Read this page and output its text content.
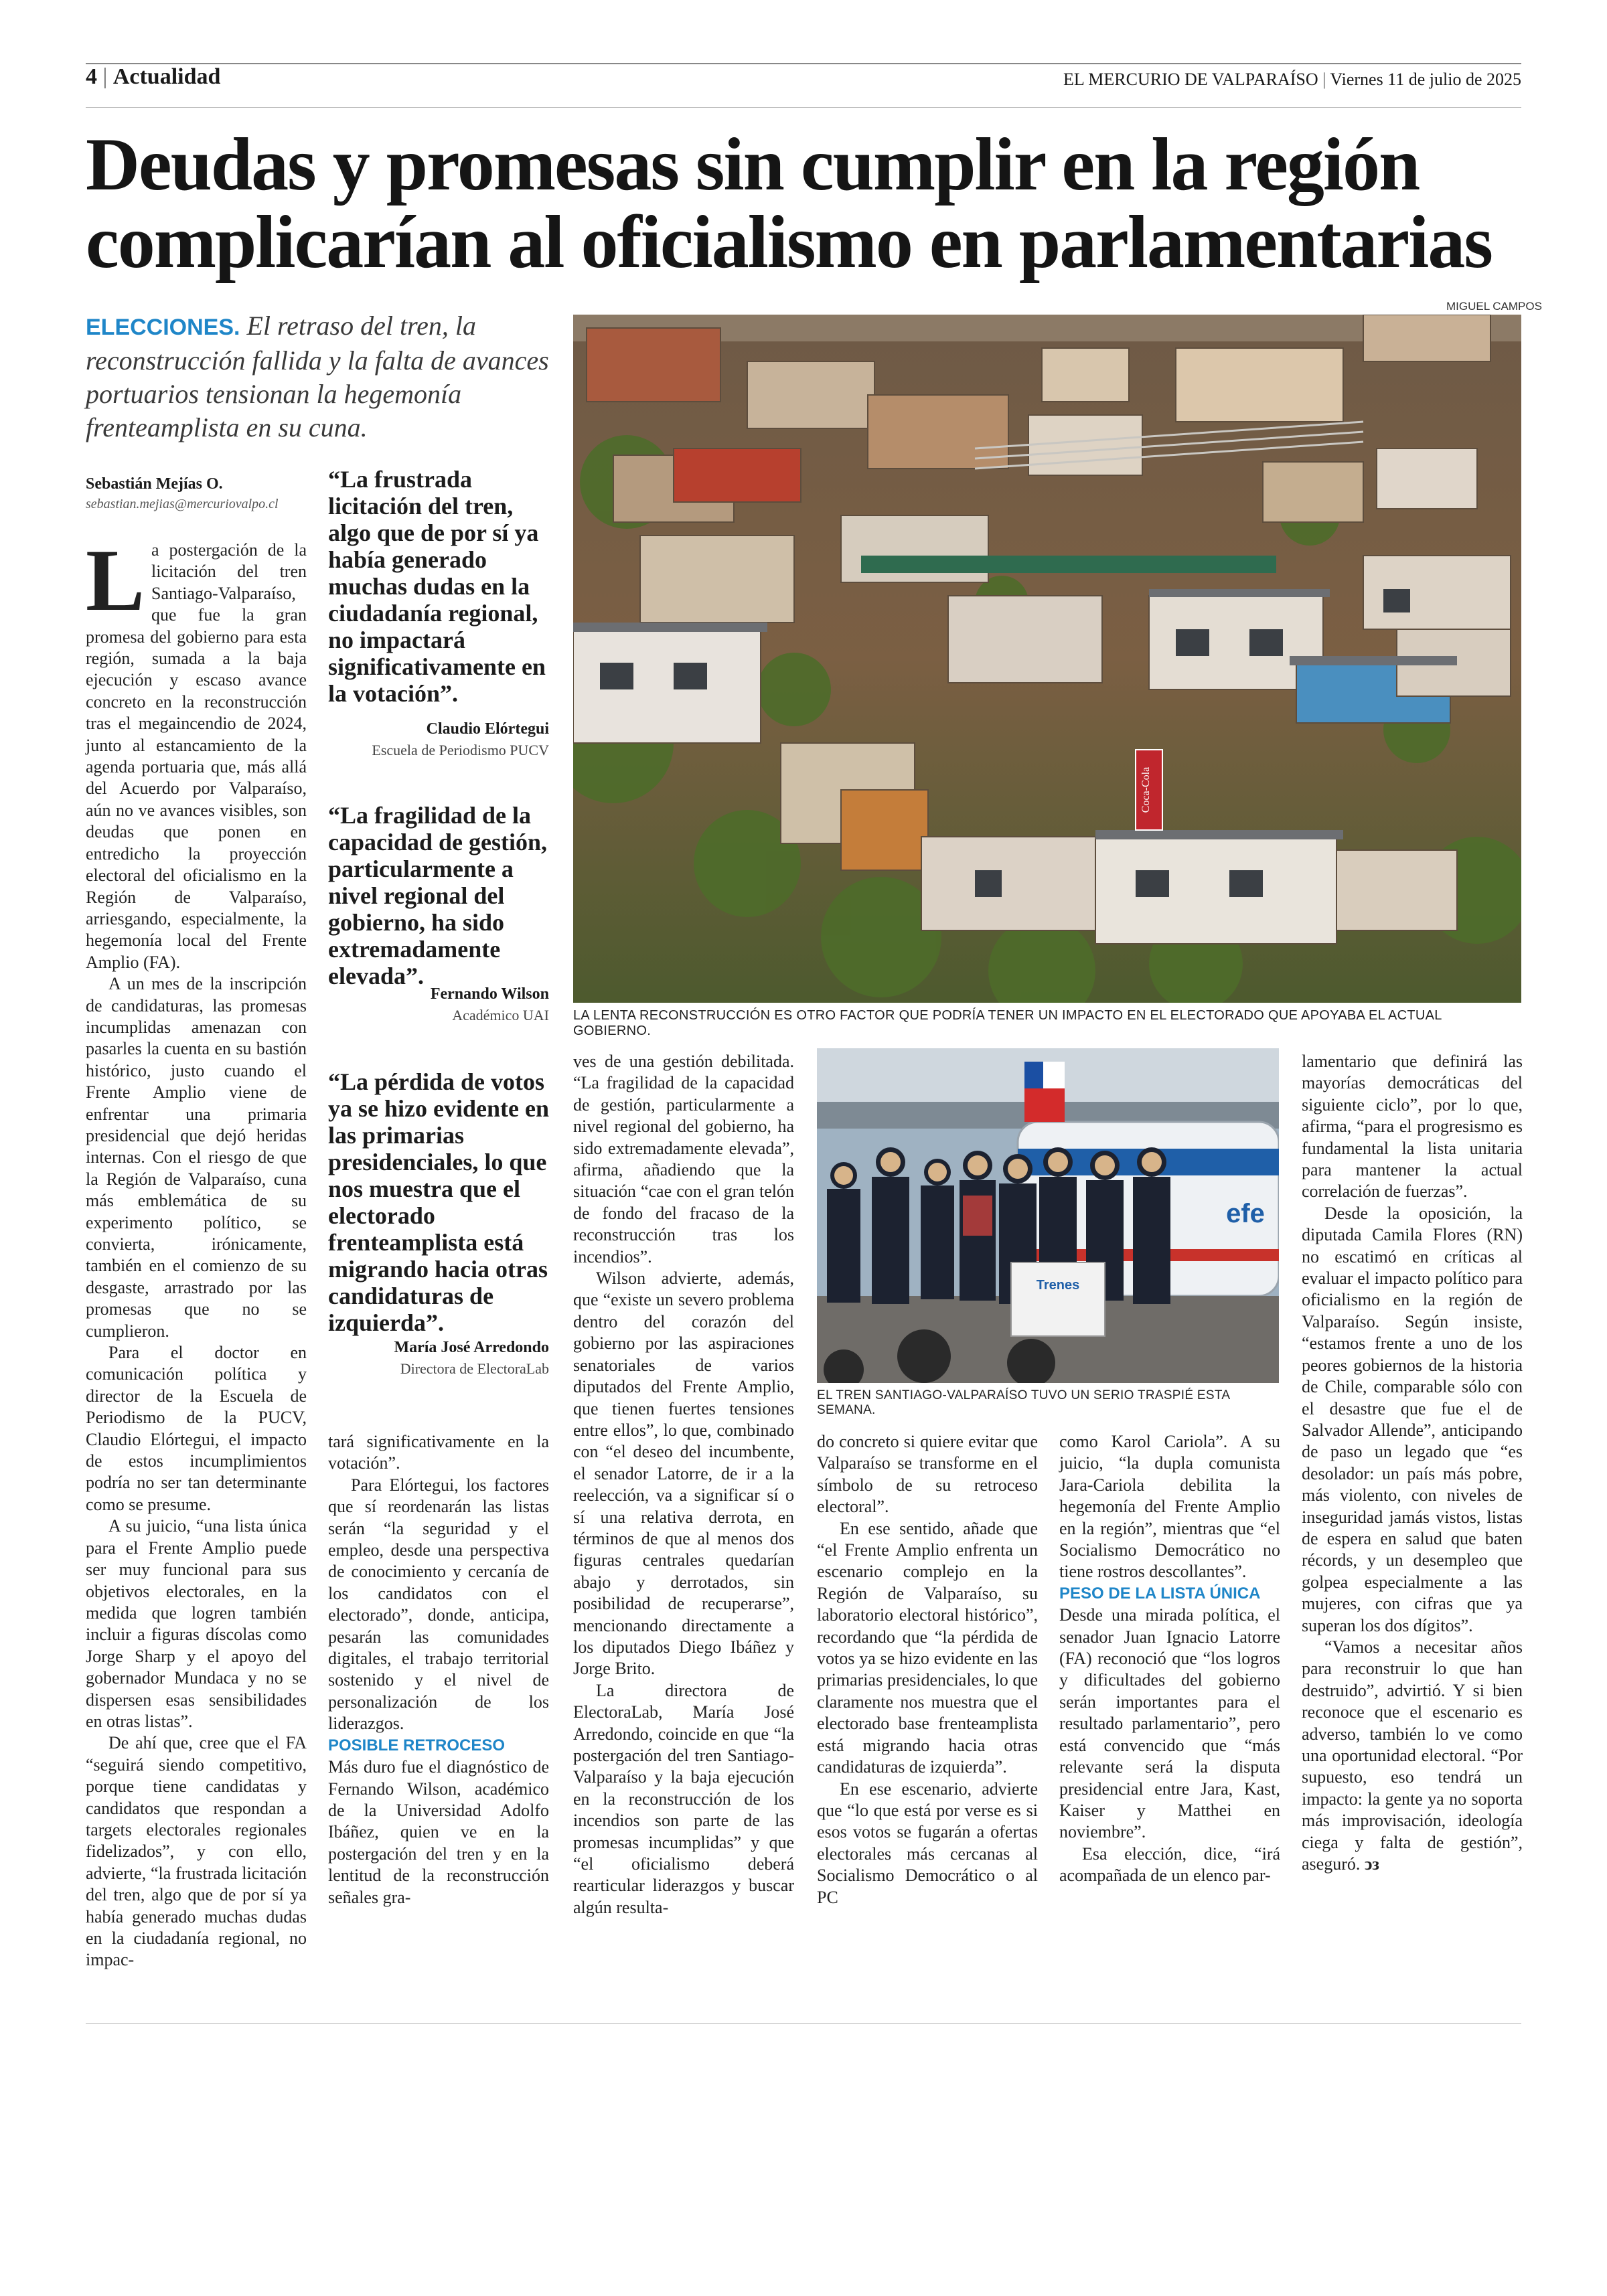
4 | Actualidad	EL MERCURIO DE VALPARAÍSO | Viernes 11 de julio de 2025
Deudas y promesas sin cumplir en la región
complicarían al oficialismo en parlamentarias
ELECCIONES. El retraso del tren, la reconstrucción fallida y la falta de avances portuarios tensionan la hegemonía frenteamplista en su cuna.
MIGUEL CAMPOS
Coca-Cola
LA LENTA RECONSTRUCCIÓN ES OTRO FACTOR QUE PODRÍA TENER UN IMPACTO EN EL ELECTORADO QUE APOYABA EL ACTUAL GOBIERNO.
Sebastián Mejías O.
sebastian.mejias@mercuriovalpo.cl

La postergación de la licitación del tren Santiago-Valparaíso, que fue la gran promesa del gobierno para esta región, sumada a la baja ejecución y escaso avance concreto en la reconstrucción tras el megaincendio de 2024, junto al estancamiento de la agenda portuaria que, más allá del Acuerdo por Valparaíso, aún no ve avances visibles, son deudas que ponen en entredicho la proyección electoral del oficialismo en la Región de Valparaíso, arriesgando, especialmente, la hegemonía local del Frente Amplio (FA).

A un mes de la inscripción de candidaturas, las promesas incumplidas amenazan con pasarles la cuenta en su bastión histórico, justo cuando el Frente Amplio viene de enfrentar una primaria presidencial que dejó heridas internas. Con el riesgo de que la Región de Valparaíso, cuna más emblemática de su experimento político, se convierta, irónicamente, también en el comienzo de su desgaste, arrastrado por las promesas que no se cumplieron.

Para el doctor en comunicación política y director de la Escuela de Periodismo de la PUCV, Claudio Elórtegui, el impacto de estos incumplimientos podría no ser tan determinante como se presume.

A su juicio, “una lista única para el Frente Amplio puede ser muy funcional para sus objetivos electorales, en la medida que logren también incluir a figuras díscolas como Jorge Sharp y el apoyo del gobernador Mundaca y no se dispersen esas sensibilidades en otras listas”.

De ahí que, cree que el FA “seguirá siendo competitivo, porque tiene candidatas y candidatos que respondan a targets electorales regionales fidelizados”, y con ello, advierte, “la frustrada licitación del tren, algo que de por sí ya había generado muchas dudas en la ciudadanía regional, no impac-

“La frustrada licitación del tren, algo que de por sí ya había generado muchas dudas en la ciudadanía regional, no impactará significativamente en la votación”.
Claudio Elórtegui
Escuela de Periodismo PUCV
“La fragilidad de la capacidad de gestión, particularmente a nivel regional del gobierno, ha sido extremadamente elevada”.
Fernando Wilson
Académico UAI
“La pérdida de votos ya se hizo evidente en las primarias presidenciales, lo que nos muestra que el electorado frenteamplista está migrando hacia otras candidaturas de izquierda”.
María José Arredondo
Directora de ElectoraLab

tará significativamente en la votación”.

Para Elórtegui, los factores que sí reordenarán las listas serán “la seguridad y el empleo, desde una perspectiva de conocimiento y cercanía de los candidatos con el electorado”, donde, anticipa, pesarán las comunidades digitales, el trabajo territorial sostenido y el nivel de personalización de los liderazgos.

POSIBLE RETROCESO

Más duro fue el diagnóstico de Fernando Wilson, académico de la Universidad Adolfo Ibáñez, quien ve en la postergación del tren y en la lentitud de la reconstrucción señales gra-

ves de una gestión debilitada. “La fragilidad de la capacidad de gestión, particularmente a nivel regional del gobierno, ha sido extremadamente elevada”, afirma, añadiendo que la situación “cae con el gran telón de fondo del fracaso de la reconstrucción tras los incendios”.

Wilson advierte, además, que “existe un severo problema dentro del corazón del gobierno por las aspiraciones senatoriales de varios diputados del Frente Amplio, que tienen fuertes tensiones entre ellos”, lo que, combinado con “el deseo del incumbente, el senador Latorre, de ir a la reelección, va a significar sí o sí una relativa derrota, en términos de que al menos dos figuras centrales quedarían abajo y derrotados, sin posibilidad de recuperarse”, mencionando directamente a los diputados Diego Ibáñez y Jorge Brito.

La directora de ElectoraLab, María José Arredondo, coincide en que “la postergación del tren Santiago-Valparaíso y la baja ejecución en la reconstrucción de los incendios son parte de las promesas incumplidas” y que “el oficialismo deberá rearticular liderazgos y buscar algún resulta-

efe
Trenes
EL TREN SANTIAGO-VALPARAÍSO TUVO UN SERIO TRASPIÉ ESTA SEMANA.

do concreto si quiere evitar que Valparaíso se transforme en el símbolo de su retroceso electoral”.

En ese sentido, añade que “el Frente Amplio enfrenta un escenario complejo en la Región de Valparaíso, su laboratorio electoral histórico”, recordando que “la pérdida de votos ya se hizo evidente en las primarias presidenciales, lo que claramente nos muestra que el electorado base frenteamplista está migrando hacia otras candidaturas de izquierda”.

En ese escenario, advierte que “lo que está por verse es si esos votos se fugarán a ofertas electorales más cercanas al Socialismo Democrático o al PC

como Karol Cariola”. A su juicio, “la dupla comunista Jara-Cariola debilita la hegemonía del Frente Amplio en la región”, mientras que “el Socialismo Democrático no tiene rostros descollantes”.

PESO DE LA LISTA ÚNICA

Desde una mirada política, el senador Juan Ignacio Latorre (FA) reconoció que “los logros y dificultades del gobierno serán importantes para el resultado parlamentario”, pero está convencido que “más relevante será la disputa presidencial entre Jara, Kast, Kaiser y Matthei en noviembre”.

Esa elección, dice, “irá acompañada de un elenco par-

lamentario que definirá las mayorías democráticas del siguiente ciclo”, por lo que, afirma, “para el progresismo es fundamental la lista unitaria para mantener la actual correlación de fuerzas”.

Desde la oposición, la diputada Camila Flores (RN) no escatimó en críticas al evaluar el impacto político para oficialismo en la región de Valparaíso. Según insiste, “estamos frente a uno de los peores gobiernos de la historia de Chile, comparable sólo con el desastre que fue el de Salvador Allende”, anticipando de paso un legado que “es desolador: un país más pobre, más violento, con niveles de inseguridad jamás vistos, listas de espera en salud que baten récords, y un desempleo que golpea especialmente a las mujeres, con cifras que ya superan los dos dígitos”.

“Vamos a necesitar años para reconstruir lo que han destruido”, advirtió. Y si bien reconoce que el escenario es adverso, también lo ve como una oportunidad electoral. “Por supuesto, eso tendrá un impacto: la gente ya no soporta más improvisación, ideología ciega y falta de gestión”, aseguró. ↄз
